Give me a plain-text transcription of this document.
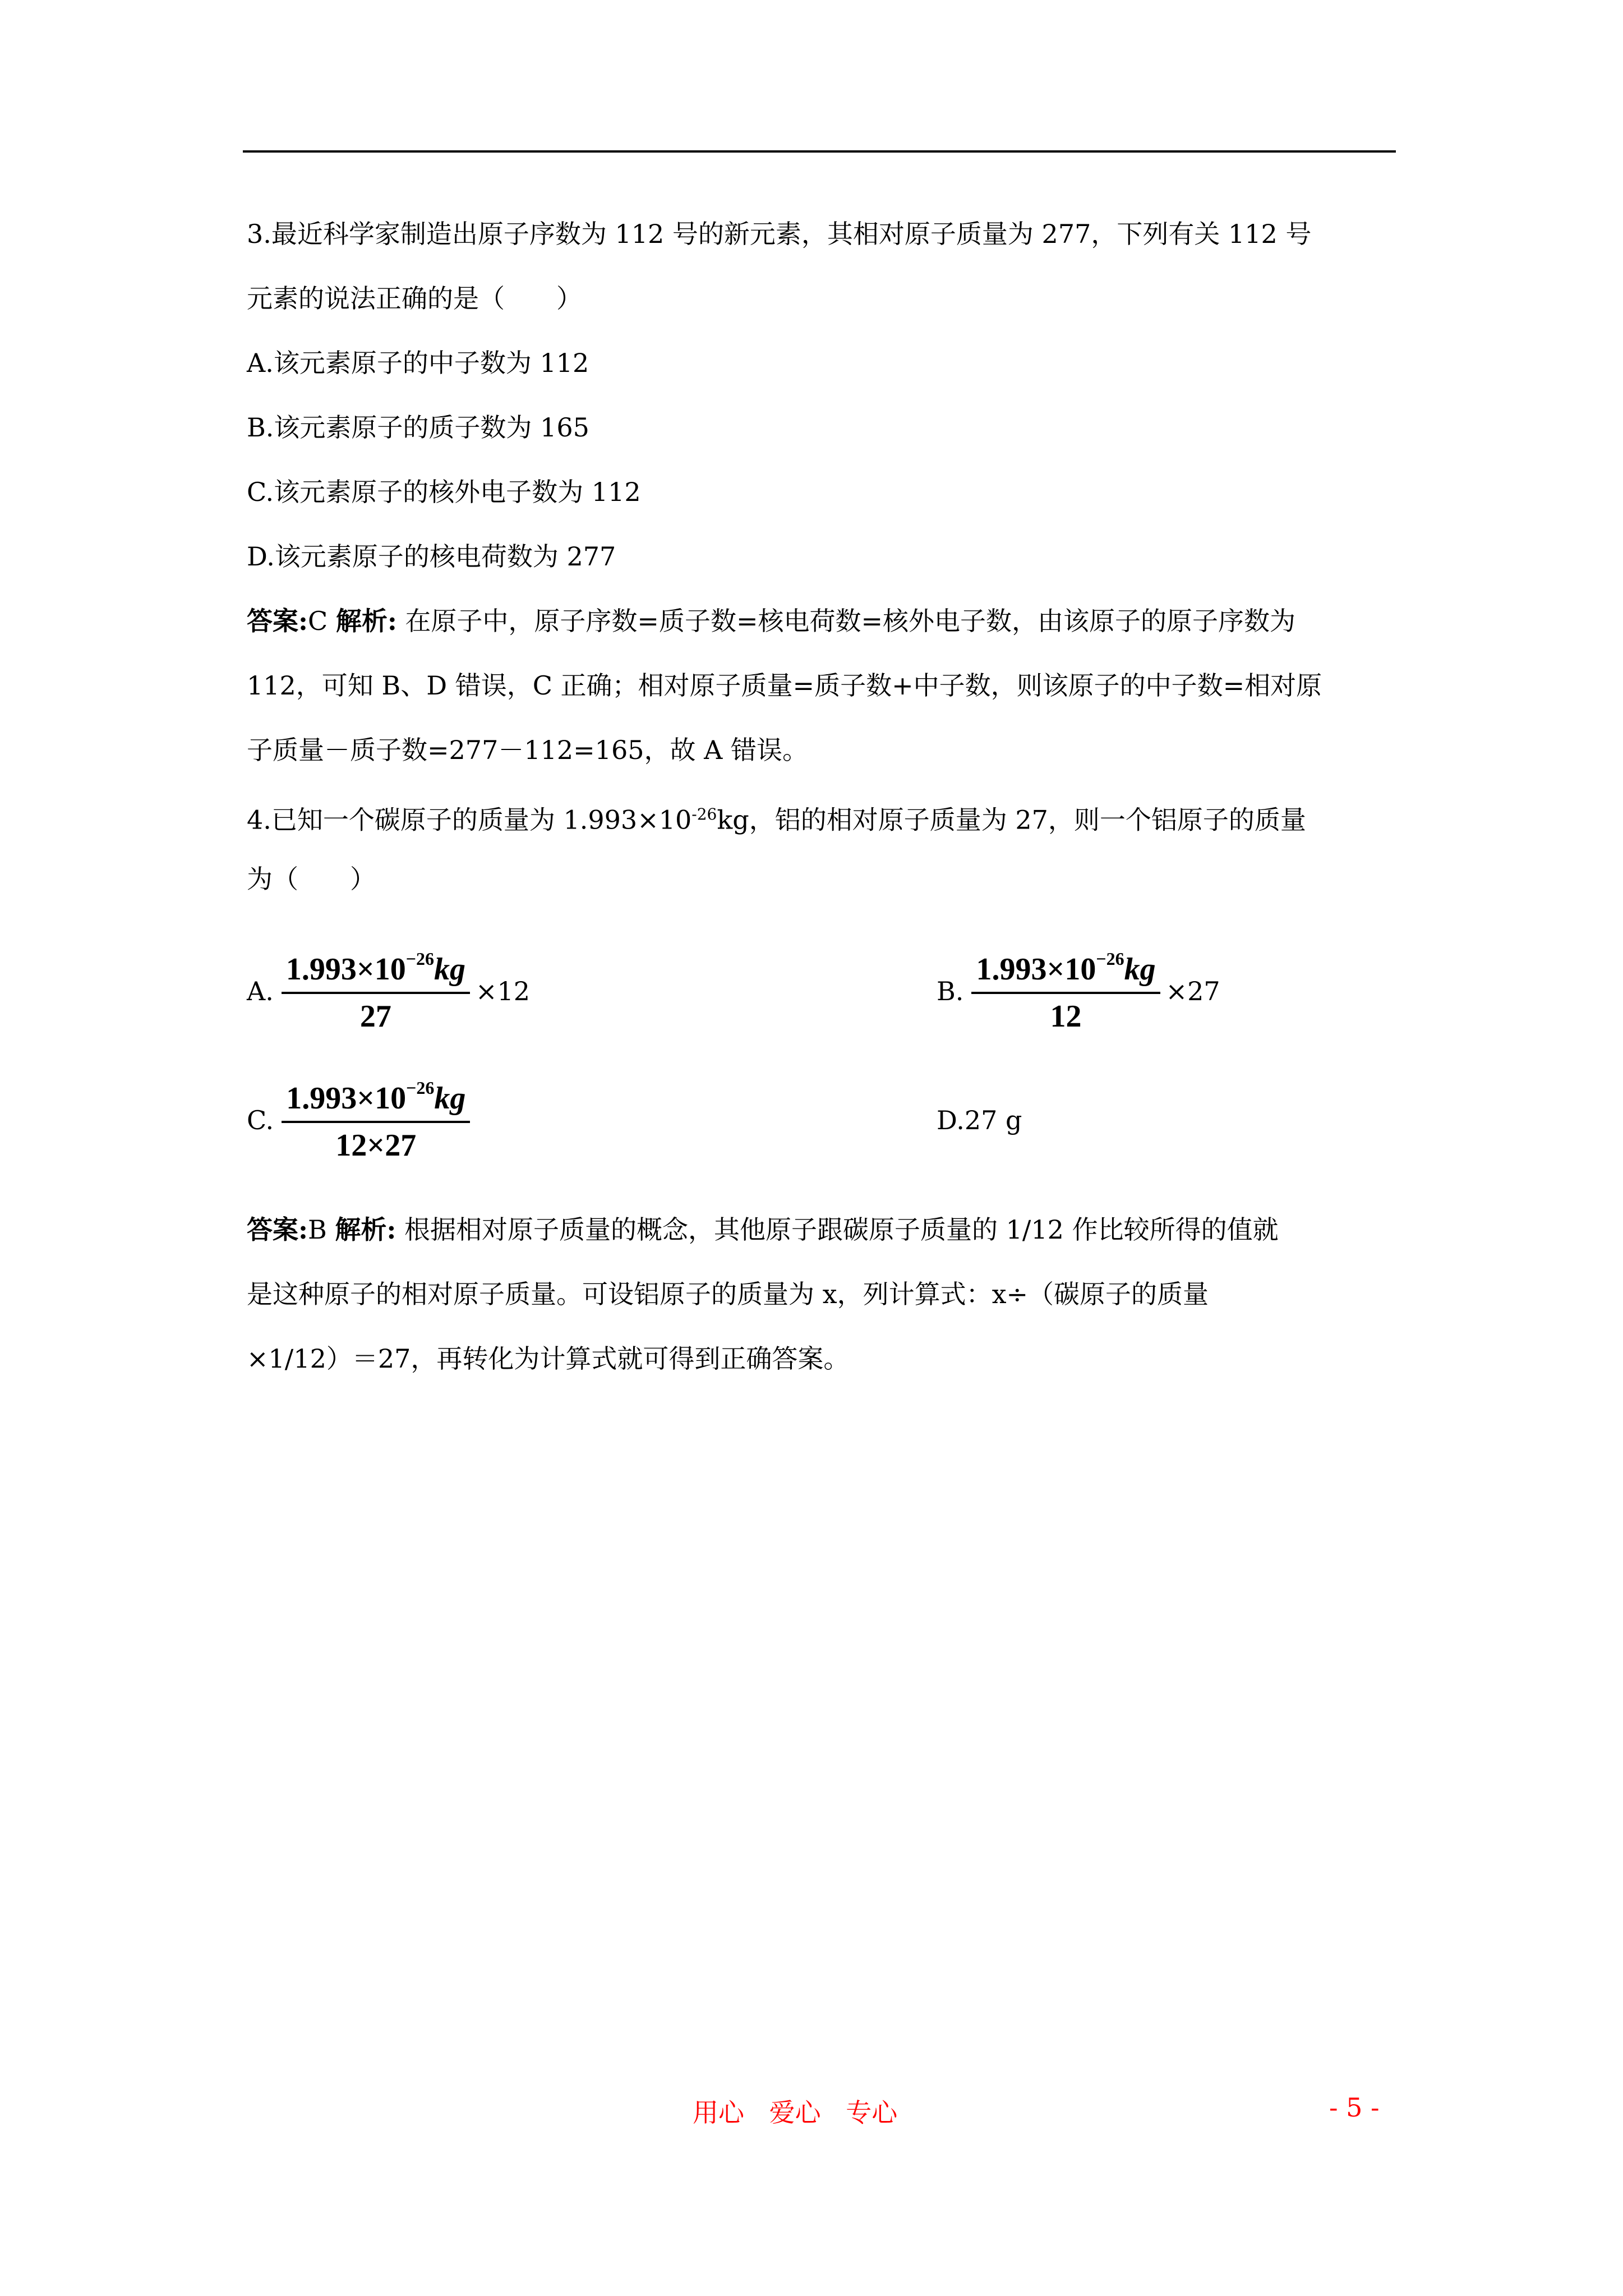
3.最近科学家制造出原子序数为 112 号的新元素，其相对原子质量为 277，下列有关 112 号
元素的说法正确的是（　　）
A.该元素原子的中子数为 112
B.该元素原子的质子数为 165
C.该元素原子的核外电子数为 112
D.该元素原子的核电荷数为 277
答案:C 解析: 在原子中，原子序数=质子数=核电荷数=核外电子数，由该原子的原子序数为
112，可知 B、D 错误，C 正确；相对原子质量=质子数+中子数，则该原子的中子数=相对原
子质量－质子数=277－112=165，故 A 错误。
4.已知一个碳原子的质量为 $1.993\times 10^{-26}kg$，铝的相对原子质量为 27，则一个铝原子的质量
为（　　）
A. $\frac{1.993\times 10^{-26}kg}{27} \times 12$	B. $\frac{1.993\times 10^{-26}kg}{12} \times 27$
C. $\frac{1.993\times 10^{-26}kg}{12\times 27}$	D.27 g
答案:B 解析: 根据相对原子质量的概念，其他原子跟碳原子质量的 1/12 作比较所得的值就
是这种原子的相对原子质量。可设铝原子的质量为 x，列计算式：x÷（碳原子的质量
×1/12）＝27，再转化为计算式就可得到正确答案。
用心 爱心 专心	- 5 -
